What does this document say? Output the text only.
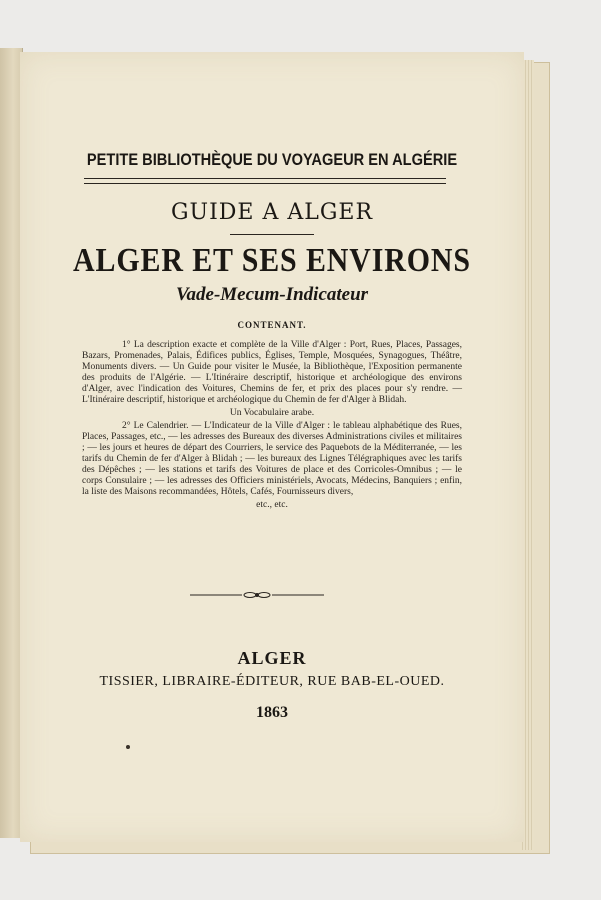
PETITE BIBLIOTHÈQUE DU VOYAGEUR EN ALGÉRIE
GUIDE A ALGER
ALGER ET SES ENVIRONS
Vade-Mecum-Indicateur
CONTENANT.

1° La description exacte et complète de la Ville d'Alger : Port, Rues, Places, Passages, Bazars, Promenades, Palais, Édifices publics, Églises, Temple, Mosquées, Synagogues, Théâtre, Monuments divers. — Un Guide pour visiter le Musée, la Bibliothèque, l'Exposition permanente des produits de l'Algérie. — L'Itinéraire descriptif, historique et archéologique des environs d'Alger, avec l'indication des Voitures, Chemins de fer, et prix des places pour s'y rendre. — L'Itinéraire descriptif, historique et archéologique du Chemin de fer d'Alger à Blidah.

Un Vocabulaire arabe.

2° Le Calendrier. — L'Indicateur de la Ville d'Alger : le tableau alphabétique des Rues, Places, Passages, etc., — les adresses des Bureaux des diverses Administrations civiles et militaires ; — les jours et heures de départ des Courriers, le service des Paquebots de la Méditerranée, — les tarifs du Chemin de fer d'Alger à Blidah ; — les bureaux des Lignes Télégraphiques avec les tarifs des Dépêches ; — les stations et tarifs des Voitures de place et des Corricoles-Omnibus ; — le corps Consulaire ; — les adresses des Officiers ministériels, Avocats, Médecins, Banquiers ; enfin, la liste des Maisons recommandées, Hôtels, Cafés, Fournisseurs divers,

etc., etc.

ALGER
TISSIER, LIBRAIRE-ÉDITEUR, RUE BAB-EL-OUED.
1863
